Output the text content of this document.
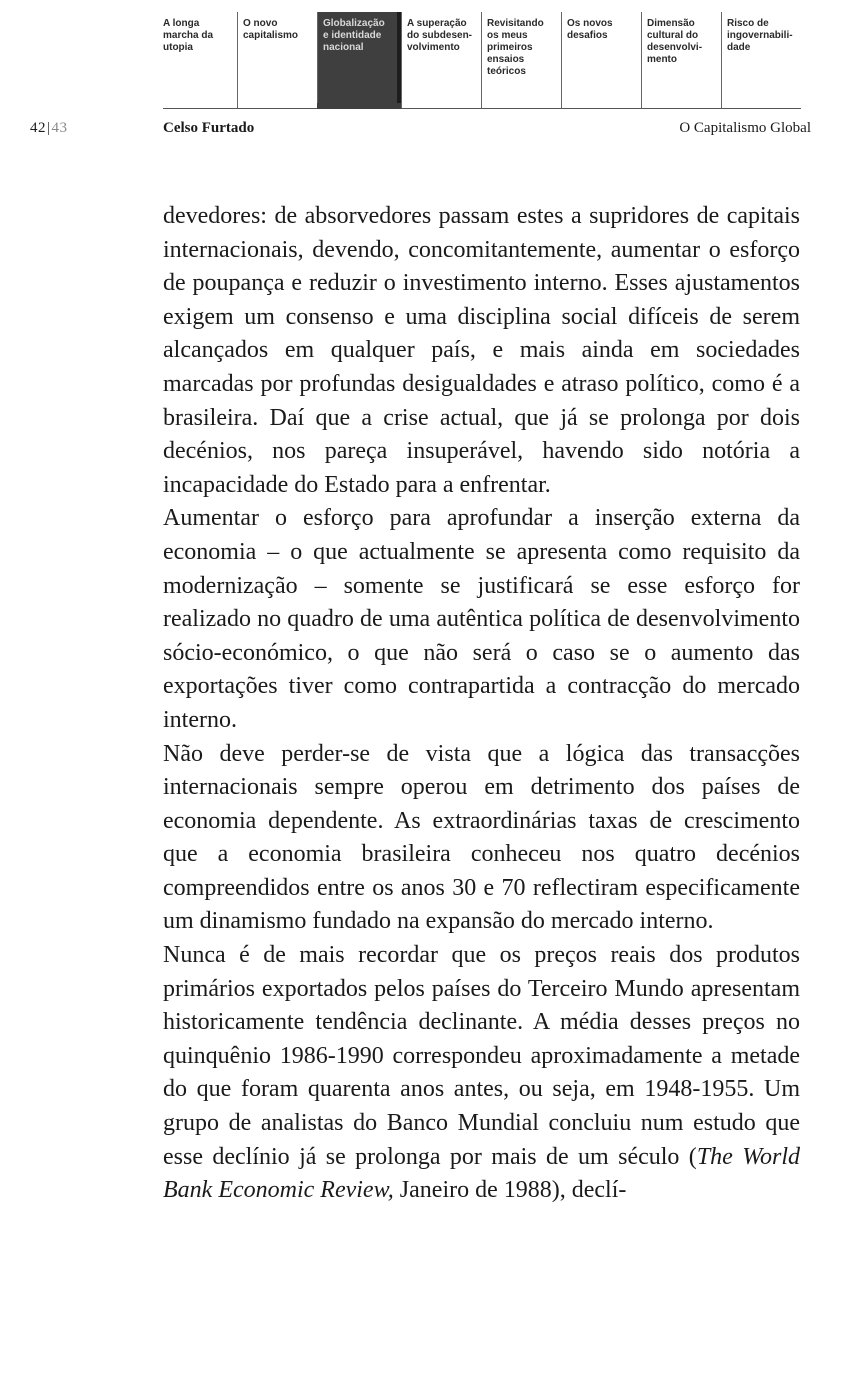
A longa marcha da utopia
O novo capitalismo
Globalização e identidade nacional
A superação do subdesen-volvimento
Revisitando os meus primeiros ensaios teóricos
Os novos desafios
Dimensão cultural do desenvolvi-mento
Risco de ingovernabili-dade
42|43	Celso Furtado	O Capitalismo Global

devedores: de absorvedores passam estes a supridores de capitais internacionais, devendo, concomitantemente, aumentar o esforço de poupança e reduzir o investimento interno. Esses ajustamentos exigem um consenso e uma disciplina social difíceis de serem alcançados em qualquer país, e mais ainda em sociedades marcadas por profundas desigualdades e atraso político, como é a brasileira. Daí que a crise actual, que já se prolonga por dois decénios, nos pareça insuperável, havendo sido notória a incapacidade do Estado para a enfrentar.

Aumentar o esforço para aprofundar a inserção externa da economia – o que actualmente se apresenta como requisito da modernização – somente se justificará se esse esforço for realizado no quadro de uma autêntica política de desenvolvimento sócio-económico, o que não será o caso se o aumento das exportações tiver como contrapartida a contracção do mercado interno.

Não deve perder-se de vista que a lógica das transacções internacionais sempre operou em detrimento dos países de economia dependente. As extraordinárias taxas de crescimento que a economia brasileira conheceu nos quatro decénios compreendidos entre os anos 30 e 70 reflectiram especificamente um dinamismo fundado na expansão do mercado interno.

Nunca é de mais recordar que os preços reais dos produtos primários exportados pelos países do Terceiro Mundo apresentam historicamente tendência declinante. A média desses preços no quinquênio 1986-1990 correspondeu aproximadamente a metade do que foram quarenta anos antes, ou seja, em 1948-1955. Um grupo de analistas do Banco Mundial concluiu num estudo que esse declínio já se prolonga por mais de um século (The World Bank Economic Review, Janeiro de 1988), declí-
